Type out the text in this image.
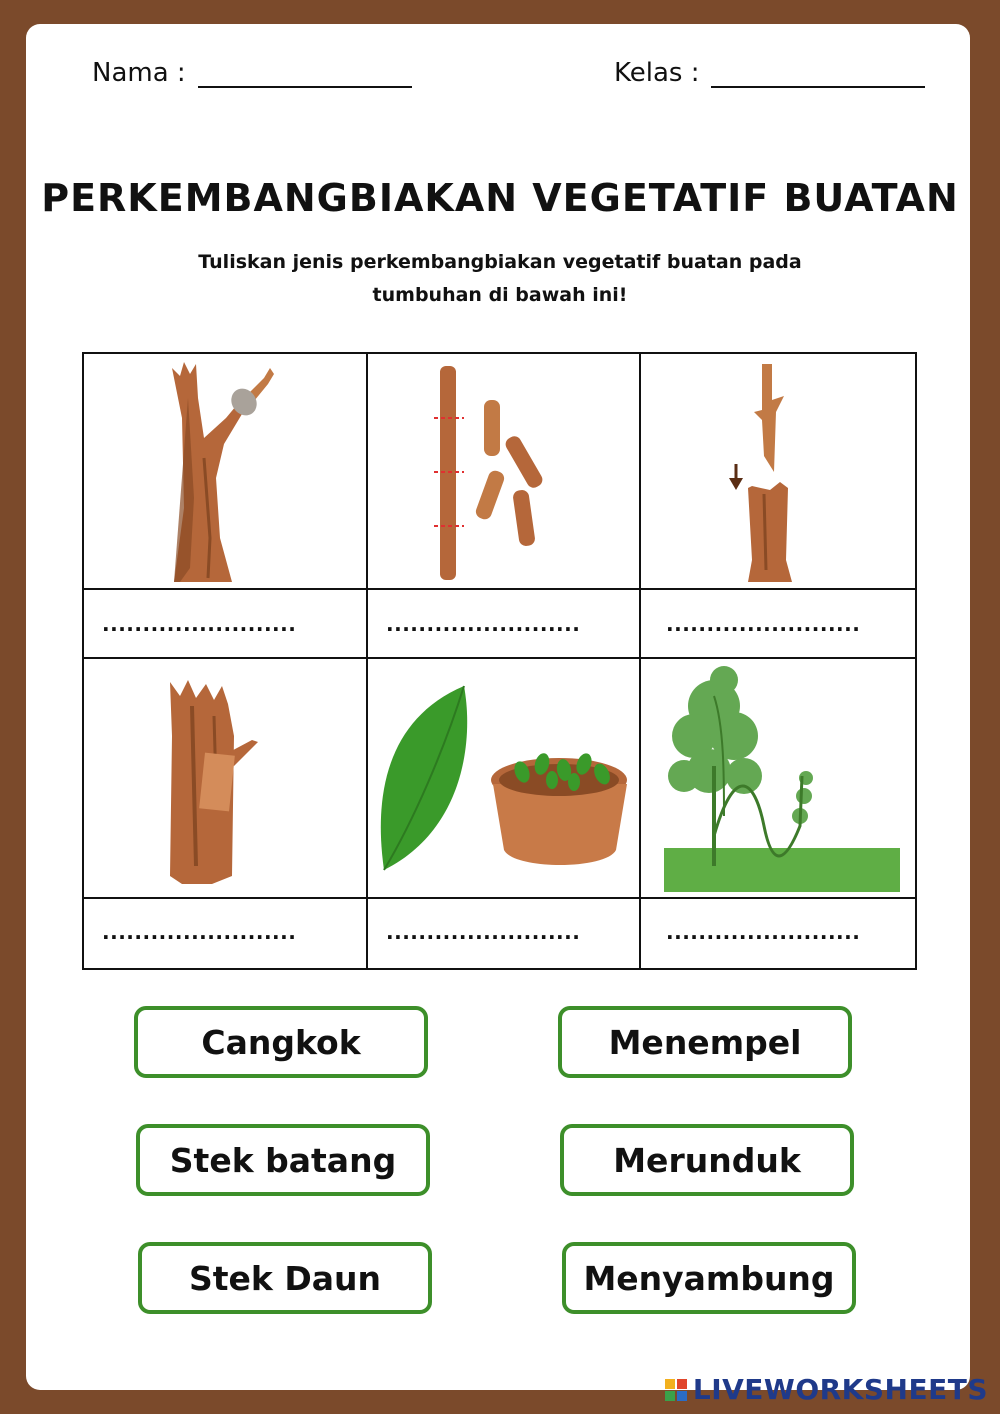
Nama :	Kelas :
PERKEMBANGBIAKAN VEGETATIF BUATAN
Tuliskan jenis perkembangbiakan vegetatif buatan pada
tumbuhan di bawah ini!
........................	........................	........................
........................	........................	........................
Cangkok	Menempel
Stek batang	Merunduk
Stek Daun	Menyambung
LIVEWORKSHEETS
